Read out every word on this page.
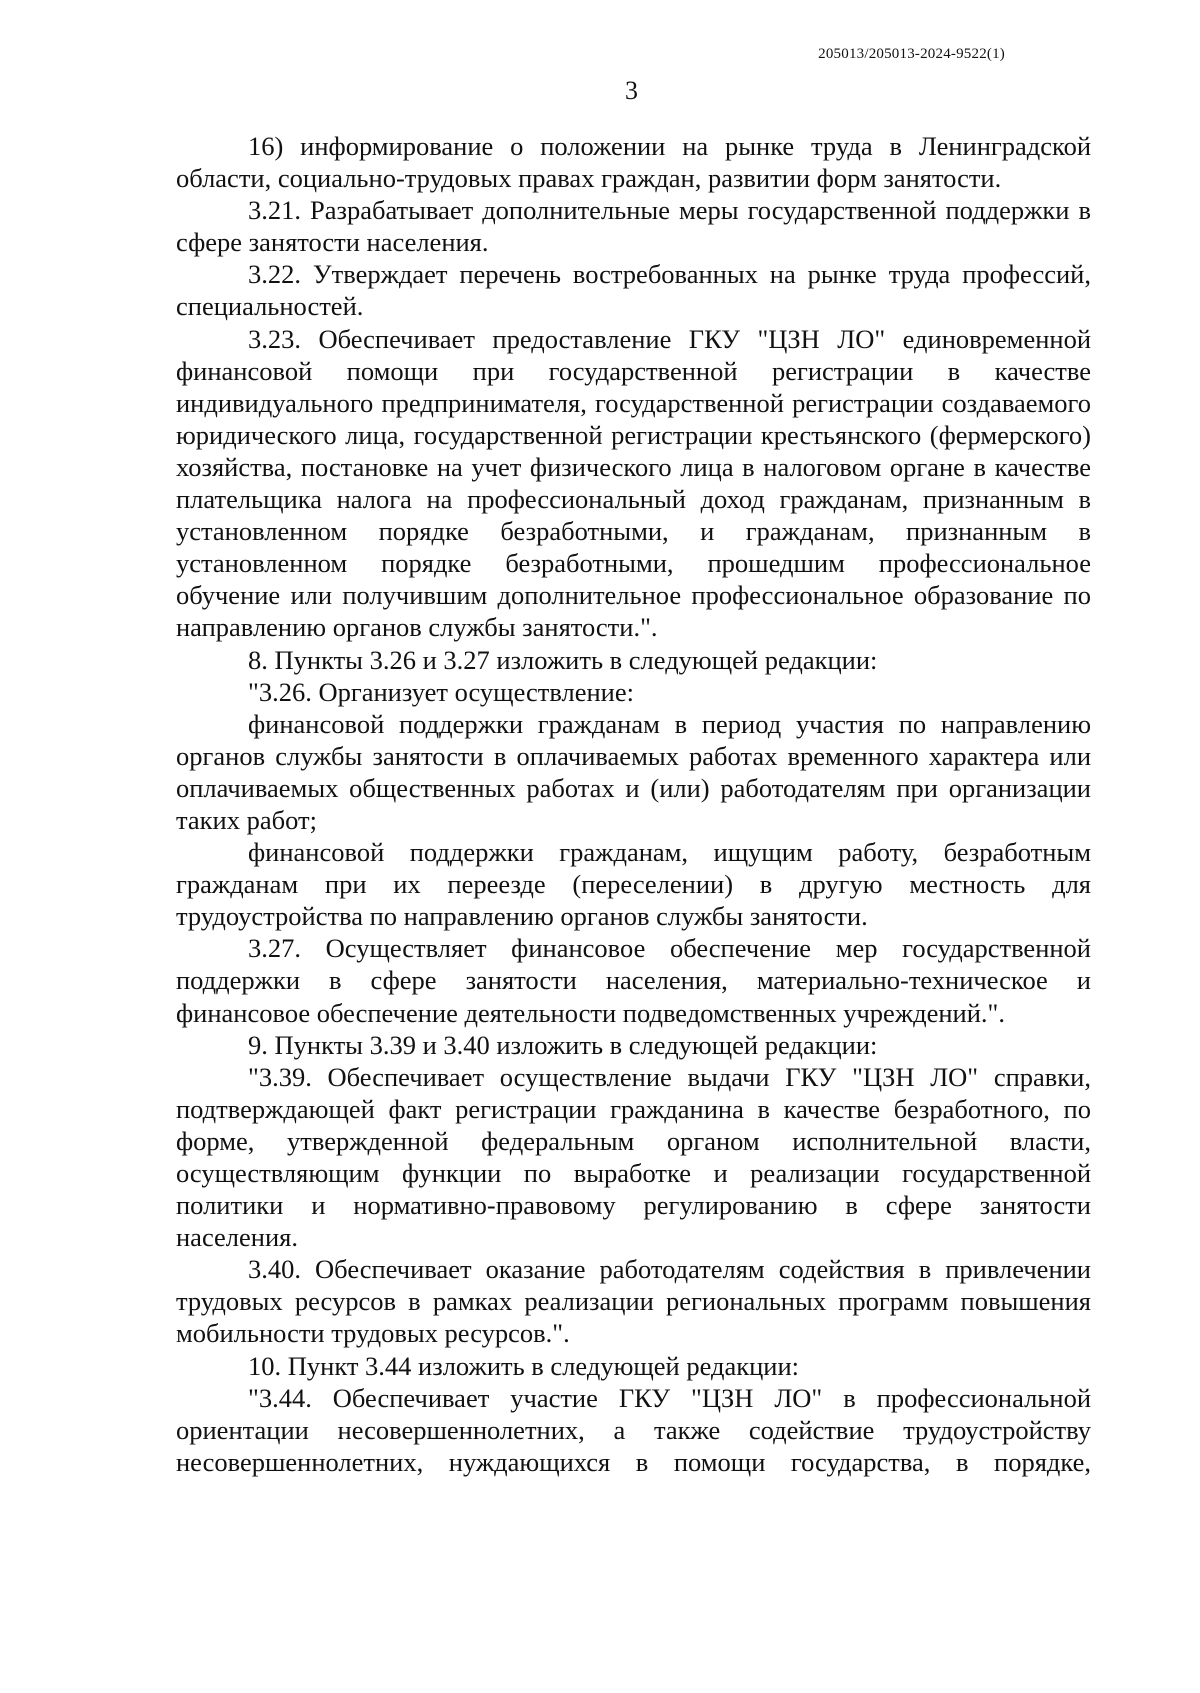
205013/205013-2024-9522(1)
3

16) информирование о положении на рынке труда в Ленинградской области, социально-трудовых правах граждан, развитии форм занятости.

3.21. Разрабатывает дополнительные меры государственной поддержки в сфере занятости населения.

3.22. Утверждает перечень востребованных на рынке труда профессий, специальностей.

3.23. Обеспечивает предоставление ГКУ "ЦЗН ЛО" единовременной финансовой помощи при государственной регистрации в качестве индивидуального предпринимателя, государственной регистрации создаваемого юридического лица, государственной регистрации крестьянского (фермерского) хозяйства, постановке на учет физического лица в налоговом органе в качестве плательщика налога на профессиональный доход гражданам, признанным в установленном порядке безработными, и гражданам, признанным в установленном порядке безработными, прошедшим профессиональное обучение или получившим дополнительное профессиональное образование по направлению органов службы занятости.".

8. Пункты 3.26 и 3.27 изложить в следующей редакции:

"3.26. Организует осуществление:

финансовой поддержки гражданам в период участия по направлению органов службы занятости в оплачиваемых работах временного характера или оплачиваемых общественных работах и (или) работодателям при организации таких работ;

финансовой поддержки гражданам, ищущим работу, безработным гражданам при их переезде (переселении) в другую местность для трудоустройства по направлению органов службы занятости.

3.27. Осуществляет финансовое обеспечение мер государственной поддержки в сфере занятости населения, материально-техническое и финансовое обеспечение деятельности подведомственных учреждений.".

9. Пункты 3.39 и 3.40 изложить в следующей редакции:

"3.39. Обеспечивает осуществление выдачи ГКУ "ЦЗН ЛО" справки, подтверждающей факт регистрации гражданина в качестве безработного, по форме, утвержденной федеральным органом исполнительной власти, осуществляющим функции по выработке и реализации государственной политики и нормативно-правовому регулированию в сфере занятости населения.

3.40. Обеспечивает оказание работодателям содействия в привлечении трудовых ресурсов в рамках реализации региональных программ повышения мобильности трудовых ресурсов.".

10. Пункт 3.44 изложить в следующей редакции:

"3.44. Обеспечивает участие ГКУ "ЦЗН ЛО" в профессиональной ориентации несовершеннолетних, а также содействие трудоустройству несовершеннолетних, нуждающихся в помощи государства, в порядке,
